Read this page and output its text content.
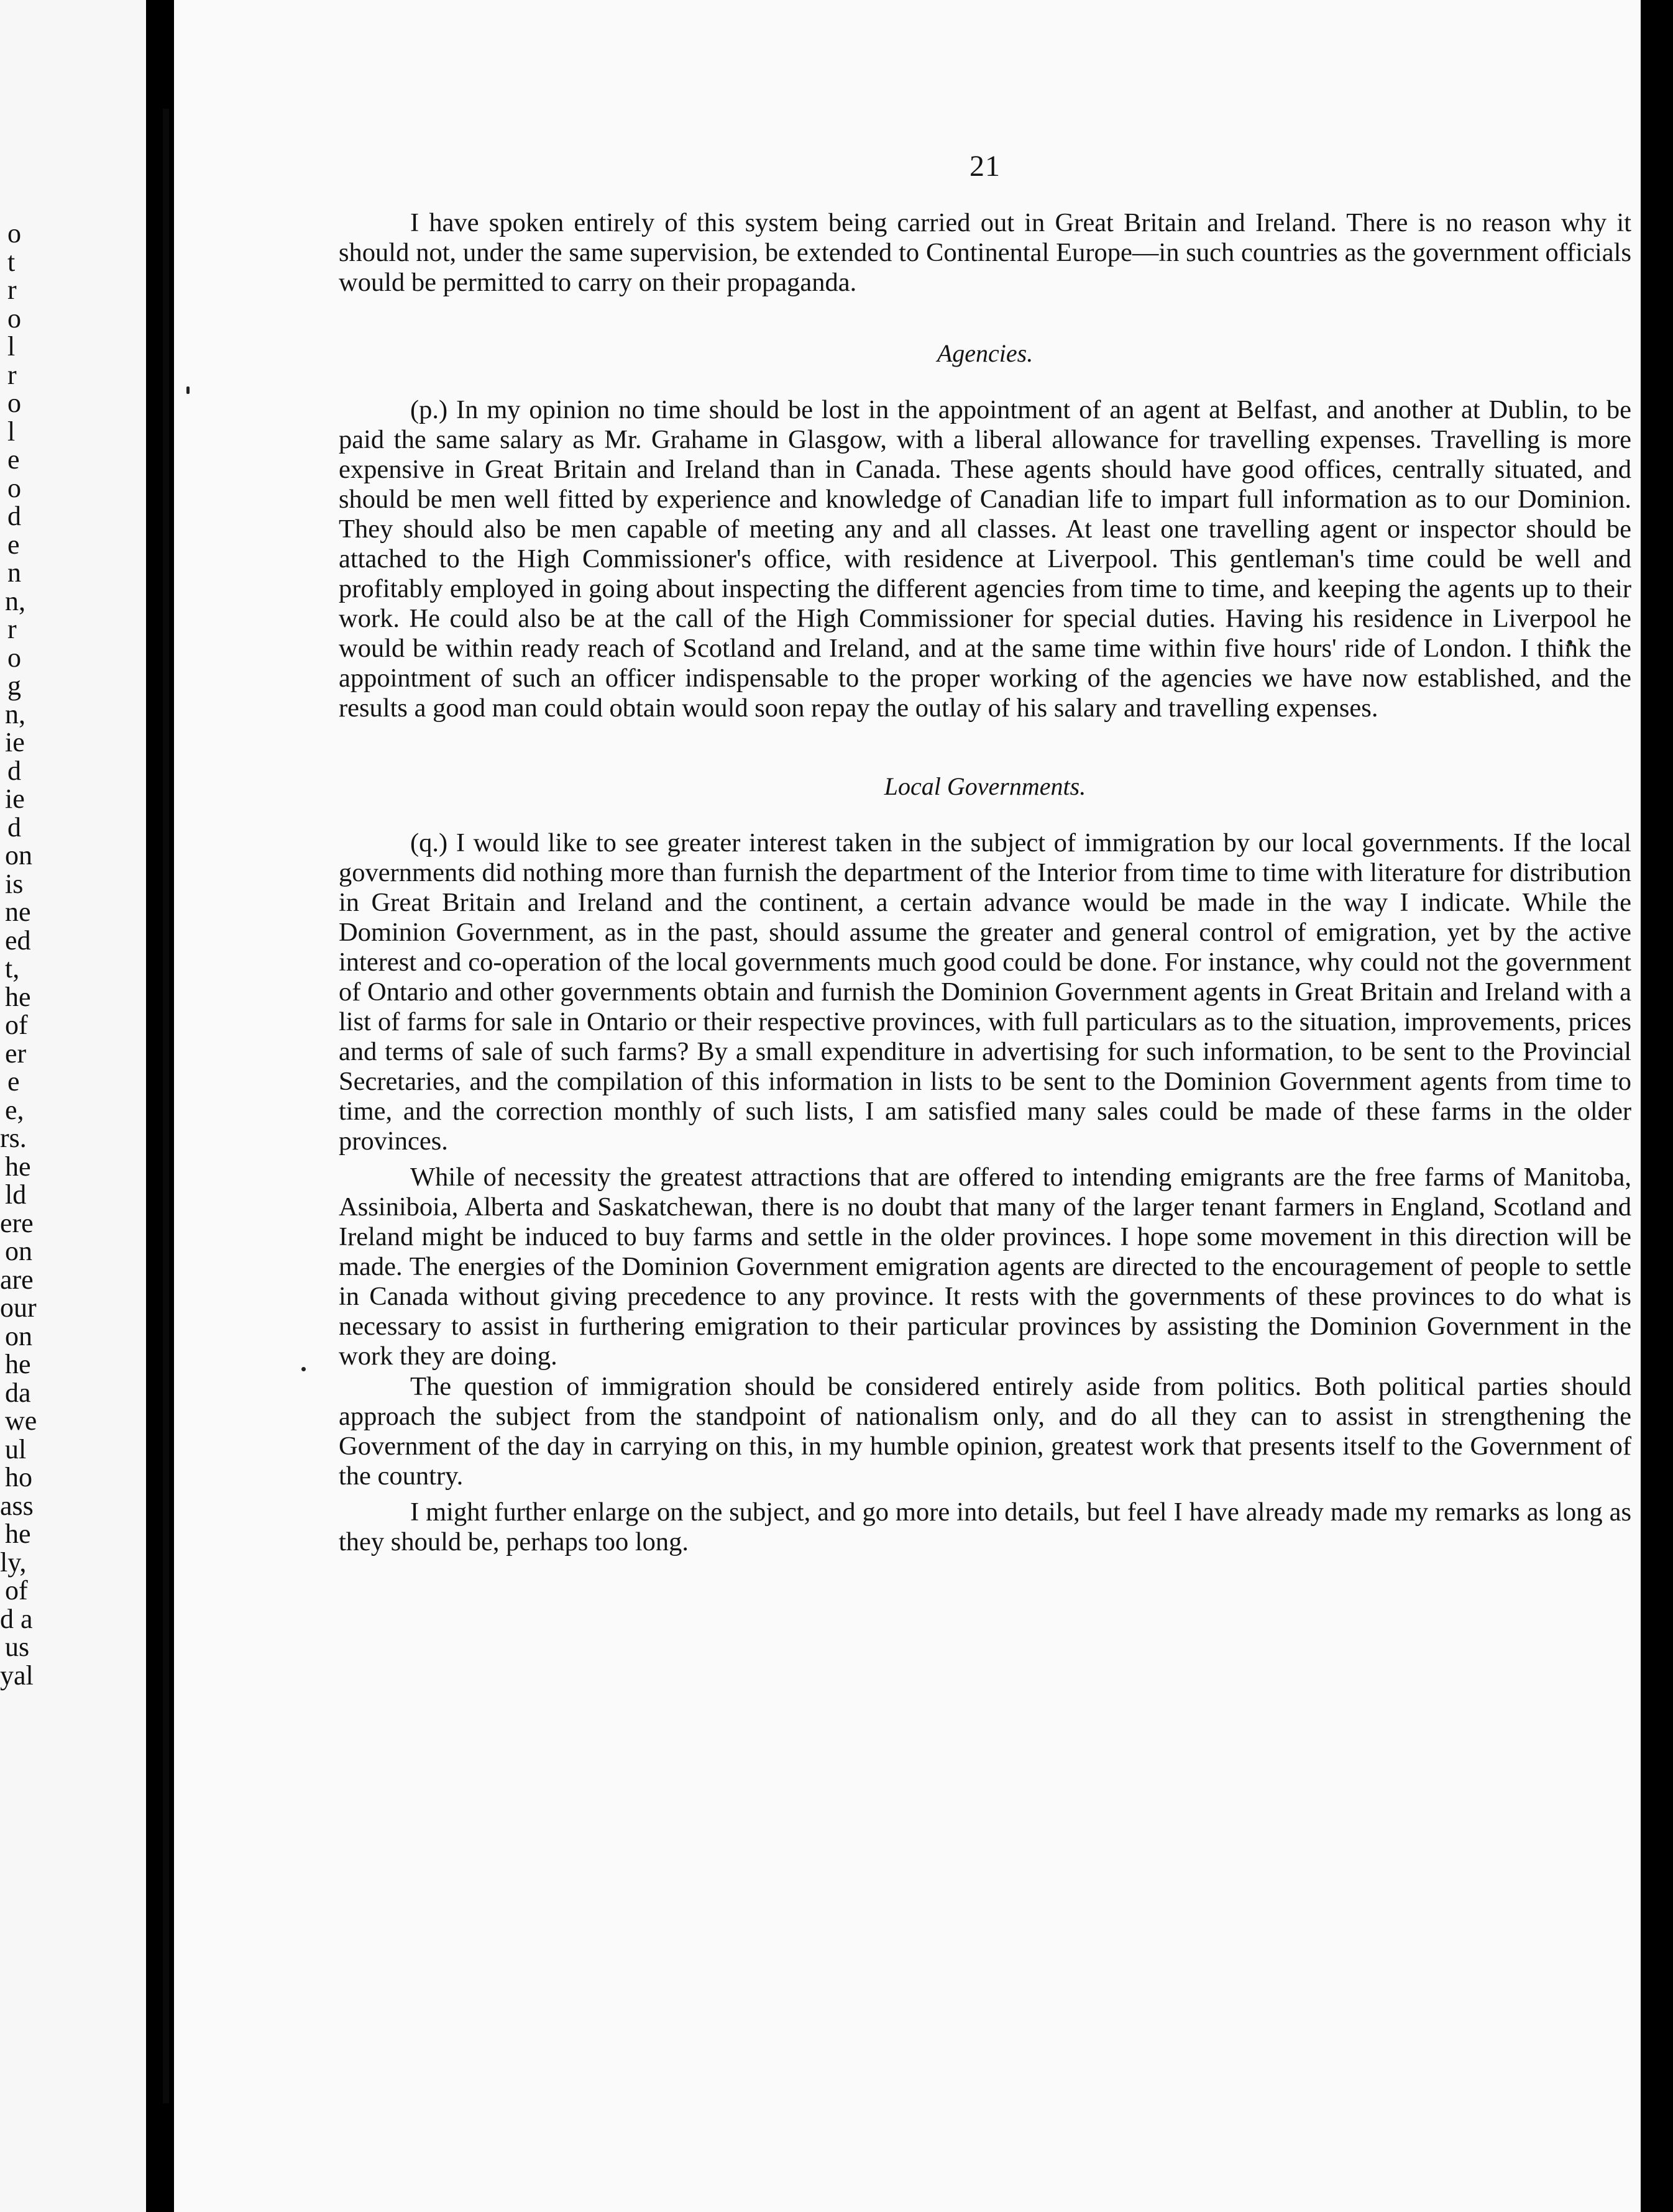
o
t
r
o
l
r
o
l
e
o
d
e
n
n,
r
o
g
n,
ie
d
ie
d
on
is
ne
ed
t,
he
of
er
e
e,
rs.
he
ld
ere
on
are
our
on
he
da
we
ul
ho
ass
he
ly,
of
d a
us
yal
21

I have spoken entirely of this system being carried out in Great Britain and Ireland. There is no reason why it should not, under the same supervision, be extended to Continental Europe—in such countries as the government officials would be permitted to carry on their propaganda.

Agencies.

(p.) In my opinion no time should be lost in the appointment of an agent at Belfast, and another at Dublin, to be paid the same salary as Mr. Grahame in Glasgow, with a liberal allowance for travelling expenses. Travelling is more expensive in Great Britain and Ireland than in Canada. These agents should have good offices, centrally situated, and should be men well fitted by experience and knowledge of Canadian life to impart full information as to our Dominion. They should also be men capable of meeting any and all classes. At least one travelling agent or inspector should be attached to the High Commissioner's office, with residence at Liverpool. This gentleman's time could be well and profitably employed in going about inspecting the different agencies from time to time, and keeping the agents up to their work. He could also be at the call of the High Commissioner for special duties. Having his residence in Liverpool he would be within ready reach of Scotland and Ireland, and at the same time within five hours' ride of London. I think the appointment of such an officer indispensable to the proper working of the agencies we have now established, and the results a good man could obtain would soon repay the outlay of his salary and travelling expenses.

Local Governments.

(q.) I would like to see greater interest taken in the subject of immigration by our local governments. If the local governments did nothing more than furnish the department of the Interior from time to time with literature for distribution in Great Britain and Ireland and the continent, a certain advance would be made in the way I indicate. While the Dominion Government, as in the past, should assume the greater and general control of emigration, yet by the active interest and co-operation of the local governments much good could be done. For instance, why could not the government of Ontario and other governments obtain and furnish the Dominion Government agents in Great Britain and Ireland with a list of farms for sale in Ontario or their respective provinces, with full particulars as to the situation, improvements, prices and terms of sale of such farms? By a small expenditure in advertising for such information, to be sent to the Provincial Secretaries, and the compilation of this information in lists to be sent to the Dominion Government agents from time to time, and the correction monthly of such lists, I am satisfied many sales could be made of these farms in the older provinces.

While of necessity the greatest attractions that are offered to intending emigrants are the free farms of Manitoba, Assiniboia, Alberta and Saskatchewan, there is no doubt that many of the larger tenant farmers in England, Scotland and Ireland might be induced to buy farms and settle in the older provinces. I hope some movement in this direction will be made. The energies of the Dominion Government emigration agents are directed to the encouragement of people to settle in Canada without giving precedence to any province. It rests with the governments of these provinces to do what is necessary to assist in furthering emigration to their particular provinces by assisting the Dominion Government in the work they are doing.

The question of immigration should be considered entirely aside from politics. Both political parties should approach the subject from the standpoint of nationalism only, and do all they can to assist in strengthening the Government of the day in carrying on this, in my humble opinion, greatest work that presents itself to the Government of the country.

I might further enlarge on the subject, and go more into details, but feel I have already made my remarks as long as they should be, perhaps too long.
